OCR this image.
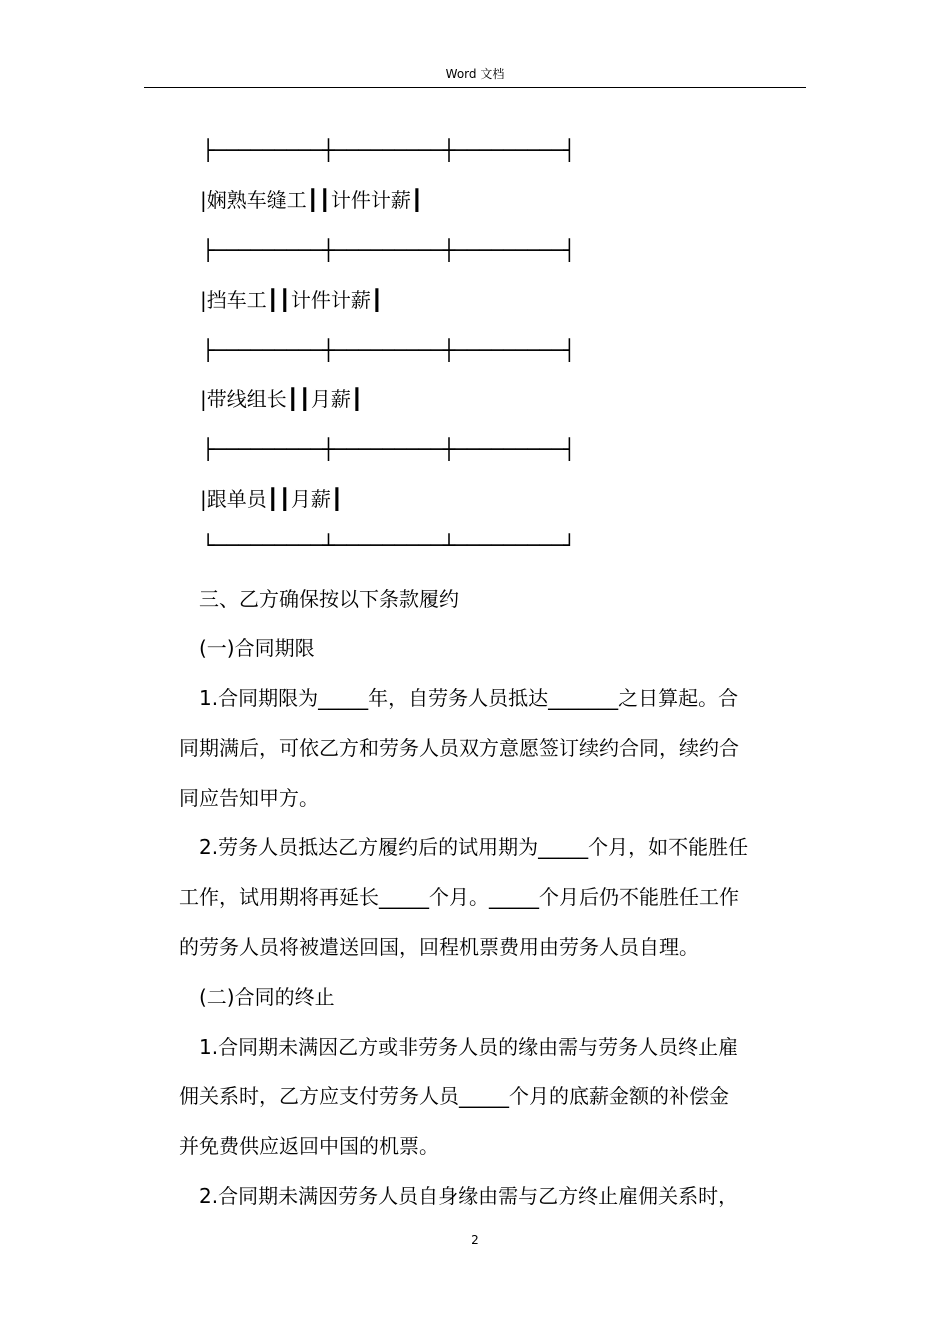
Word 文档
├─────────┼─────────┼─────────┤
|娴熟车缝工┃┃计件计薪┃
├─────────┼─────────┼─────────┤
|挡车工┃┃计件计薪┃
├─────────┼─────────┼─────────┤
|带线组长┃┃月薪┃
├─────────┼─────────┼─────────┤
|跟单员┃┃月薪┃
└─────────┴─────────┴─────────┘
三、乙方确保按以下条款履约
(一)合同期限
1.合同期限为_____年，自劳务人员抵达_______之日算起。合
同期满后，可依乙方和劳务人员双方意愿签订续约合同，续约合
同应告知甲方。
2.劳务人员抵达乙方履约后的试用期为_____个月，如不能胜任
工作，试用期将再延长_____个月。_____个月后仍不能胜任工作
的劳务人员将被遣送回国，回程机票费用由劳务人员自理。
(二)合同的终止
1.合同期未满因乙方或非劳务人员的缘由需与劳务人员终止雇
佣关系时，乙方应支付劳务人员_____个月的底薪金额的补偿金
并免费供应返回中国的机票。
2.合同期未满因劳务人员自身缘由需与乙方终止雇佣关系时，
2
